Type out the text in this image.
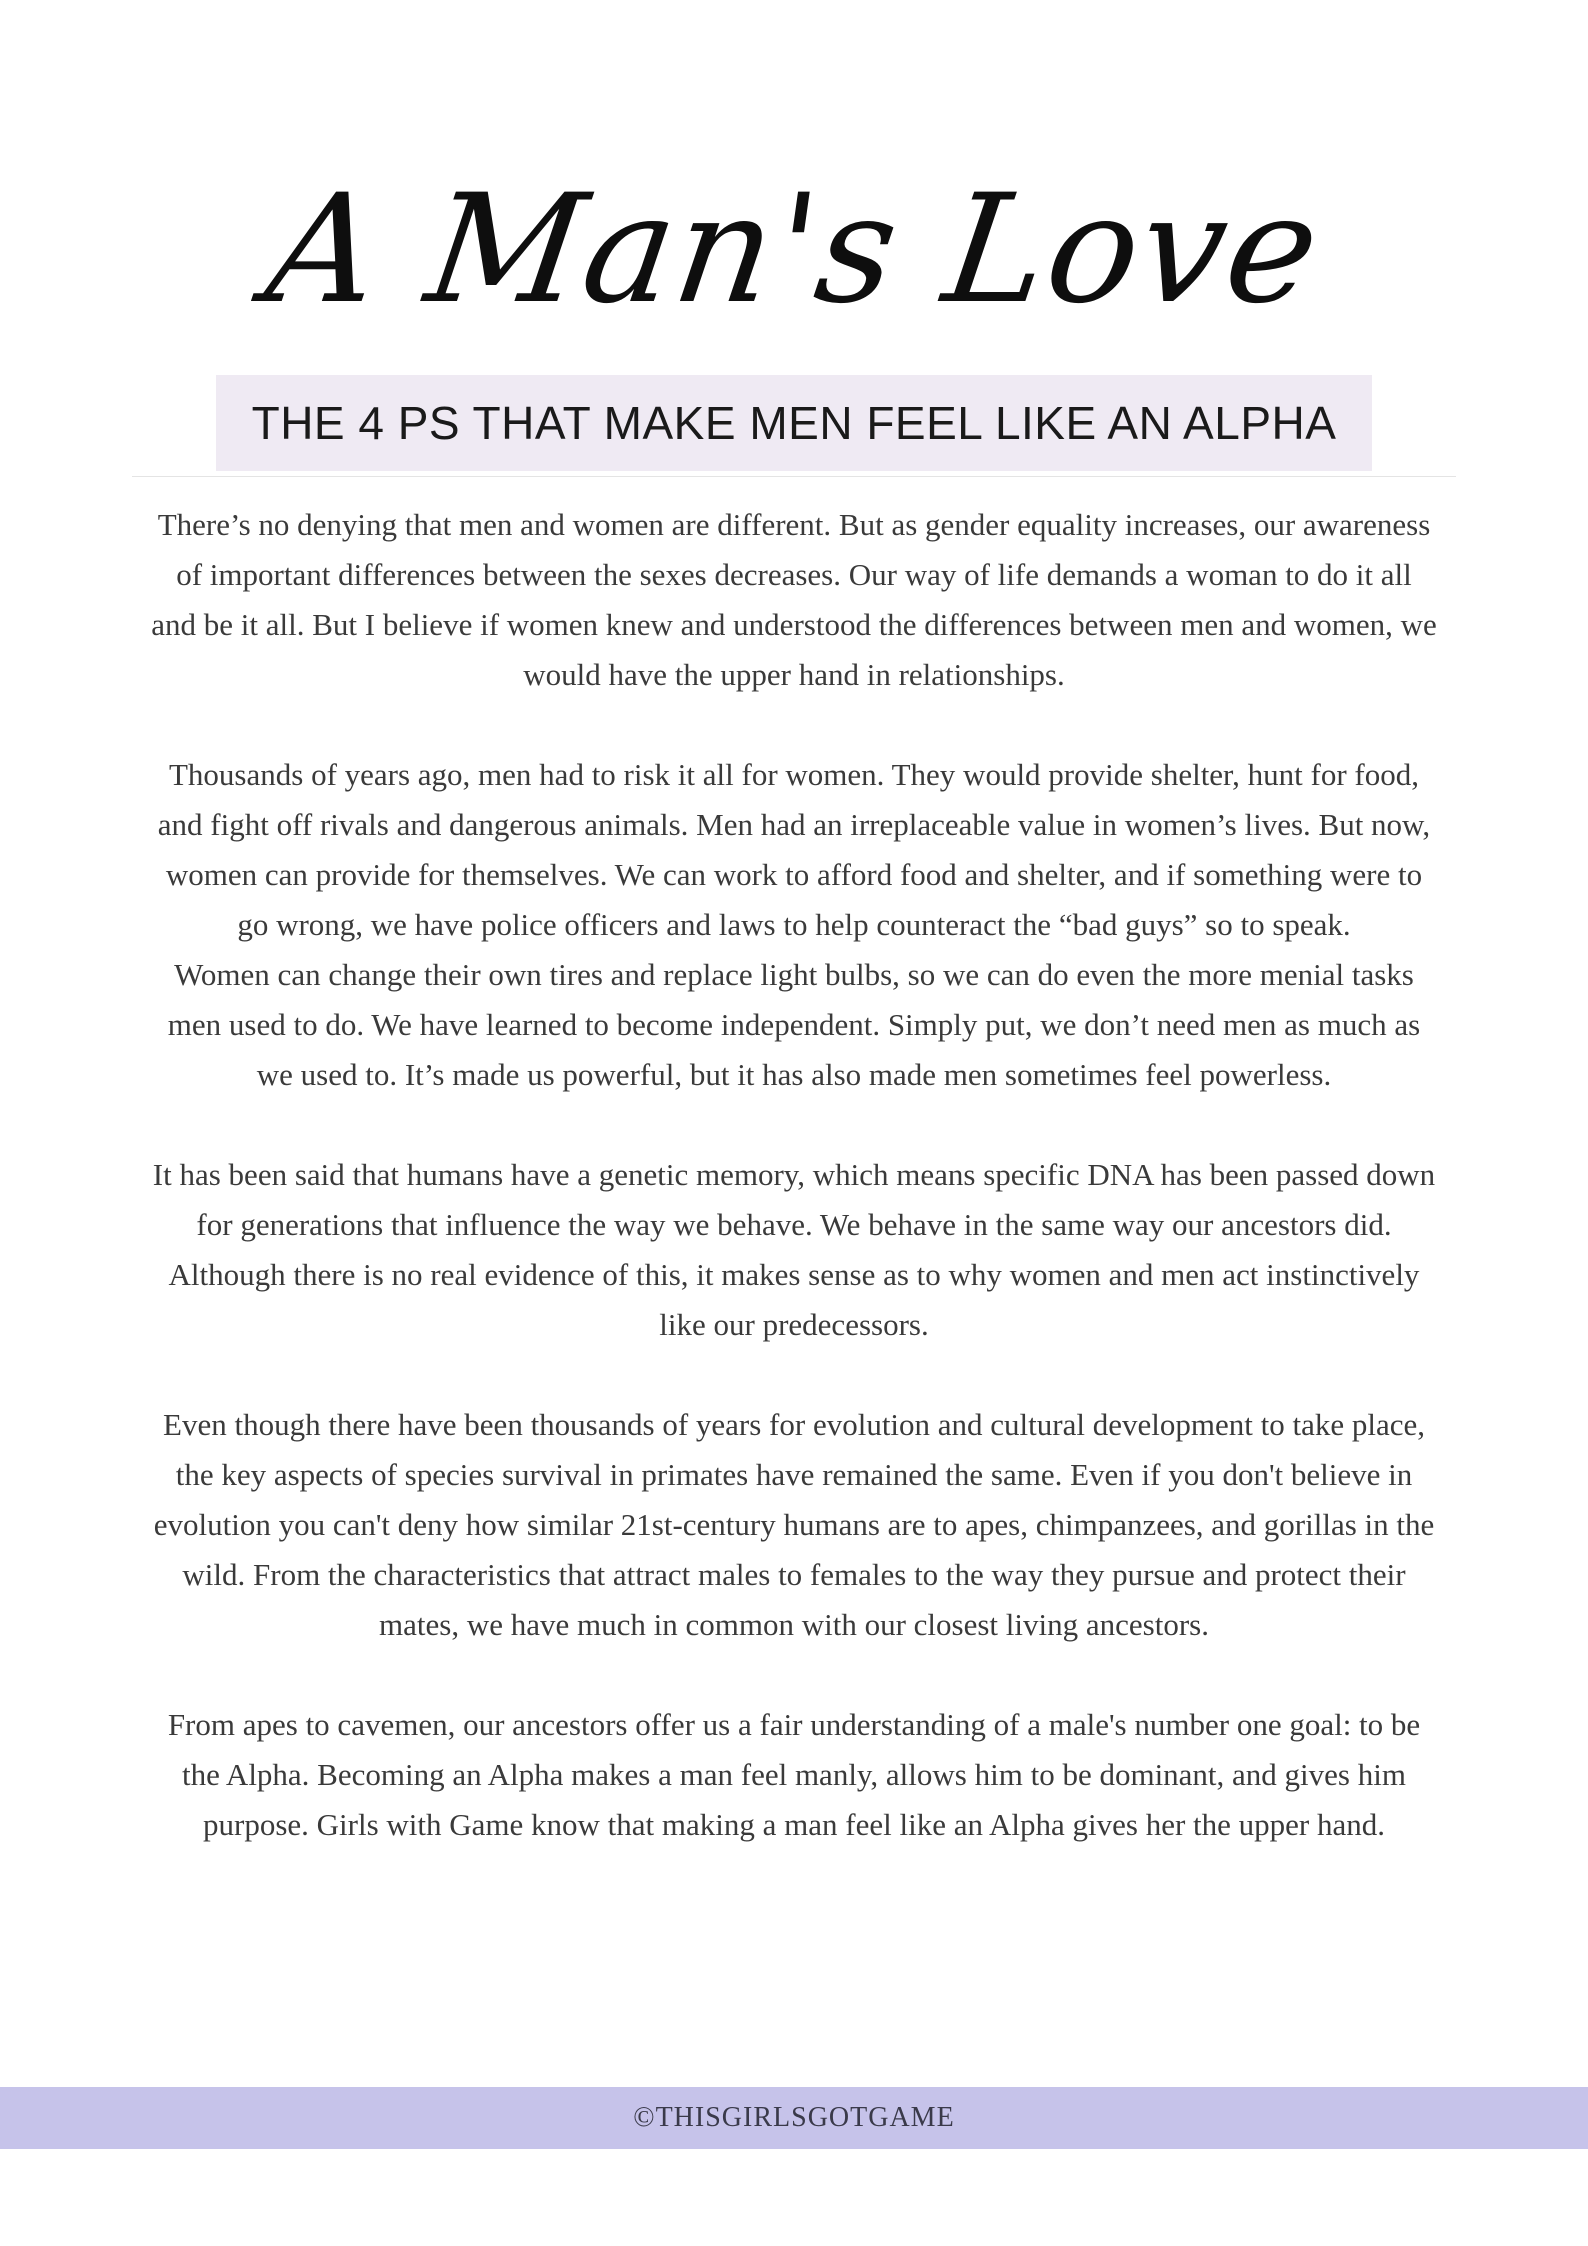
A Man's Love
THE 4 PS THAT MAKE MEN FEEL LIKE AN ALPHA

There’s no denying that men and women are different. But as gender equality increases, our awareness of important differences between the sexes decreases. Our way of life demands a woman to do it all and be it all. But I believe if women knew and understood the differences between men and women, we would have the upper hand in relationships.

Thousands of years ago, men had to risk it all for women. They would provide shelter, hunt for food, and fight off rivals and dangerous animals. Men had an irreplaceable value in women’s lives. But now, women can provide for themselves. We can work to afford food and shelter, and if something were to go wrong, we have police officers and laws to help counteract the “bad guys” so to speak.

Women can change their own tires and replace light bulbs, so we can do even the more menial tasks men used to do. We have learned to become independent. Simply put, we don’t need men as much as we used to. It’s made us powerful, but it has also made men sometimes feel powerless.

It has been said that humans have a genetic memory, which means specific DNA has been passed down for generations that influence the way we behave. We behave in the same way our ancestors did. Although there is no real evidence of this, it makes sense as to why women and men act instinctively like our predecessors.

Even though there have been thousands of years for evolution and cultural development to take place, the key aspects of species survival in primates have remained the same. Even if you don't believe in evolution you can't deny how similar 21st-century humans are to apes, chimpanzees, and gorillas in the wild. From the characteristics that attract males to females to the way they pursue and protect their mates, we have much in common with our closest living ancestors.

From apes to cavemen, our ancestors offer us a fair understanding of a male's number one goal: to be the Alpha. Becoming an Alpha makes a man feel manly, allows him to be dominant, and gives him purpose. Girls with Game know that making a man feel like an Alpha gives her the upper hand.

©THISGIRLSGOTGAME
